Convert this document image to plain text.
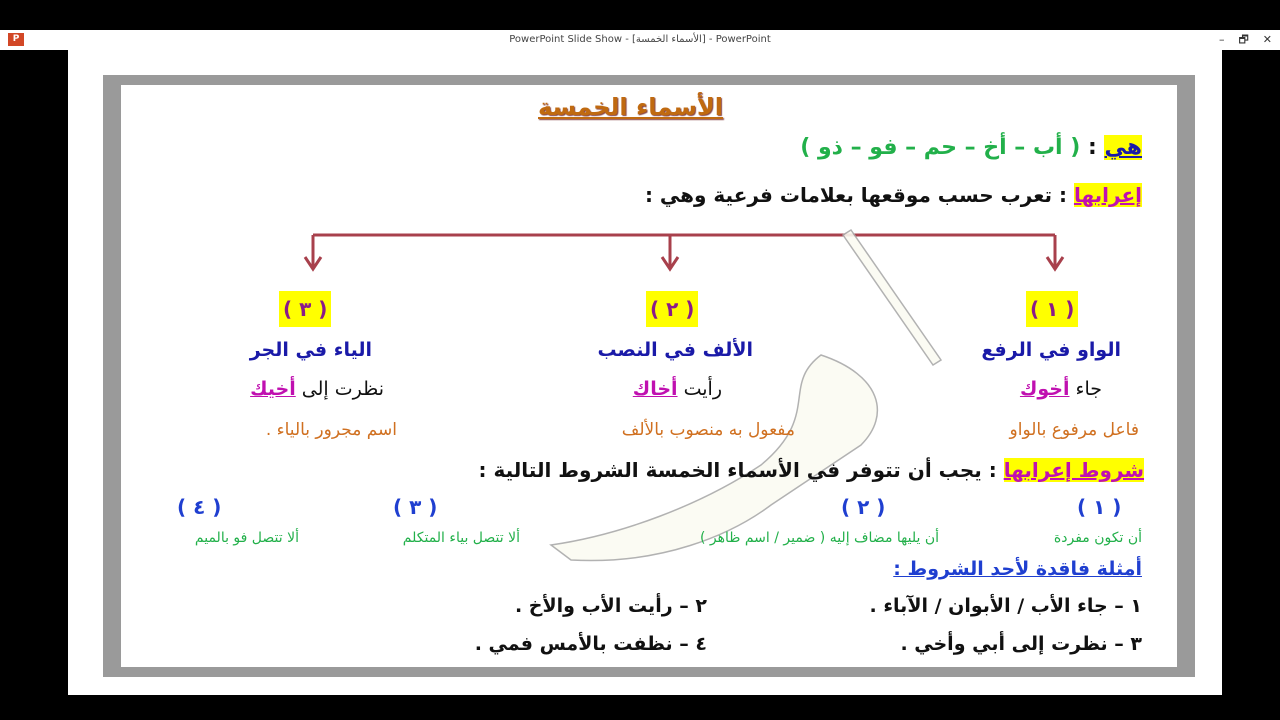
P	PowerPoint Slide Show - [الأسماء الخمسة] - PowerPoint	– 🗗 ✕
الأسماء الخمسة
هي : ( أب – أخ – حم – فو – ذو )
إعرابها : تعرب حسب موقعها بعلامات فرعية وهي :
( ١ )
( ٢ )
( ٣ )
الواو في الرفع
الألف في النصب
الياء في الجر
جاء أخوك
رأيت أخاك
نظرت إلى أخيك
فاعل مرفوع بالواو
مفعول به منصوب بالألف
اسم مجرور بالياء .
شروط إعرابها : يجب أن تتوفر في الأسماء الخمسة الشروط التالية :
( ١ )
( ٢ )
( ٣ )
( ٤ )
أن تكون مفردة
أن يليها مضاف إليه ( ضمير / اسم ظاهر )
ألا تتصل بياء المتكلم
ألا تتصل فو بالميم
أمثلة فاقدة لأحد الشروط :
١ – جاء الأب / الأبوان / الآباء .
٢ – رأيت الأب والأخ .
٣ – نظرت إلى أبي وأخي .
٤ – نظفت بالأمس فمي .
